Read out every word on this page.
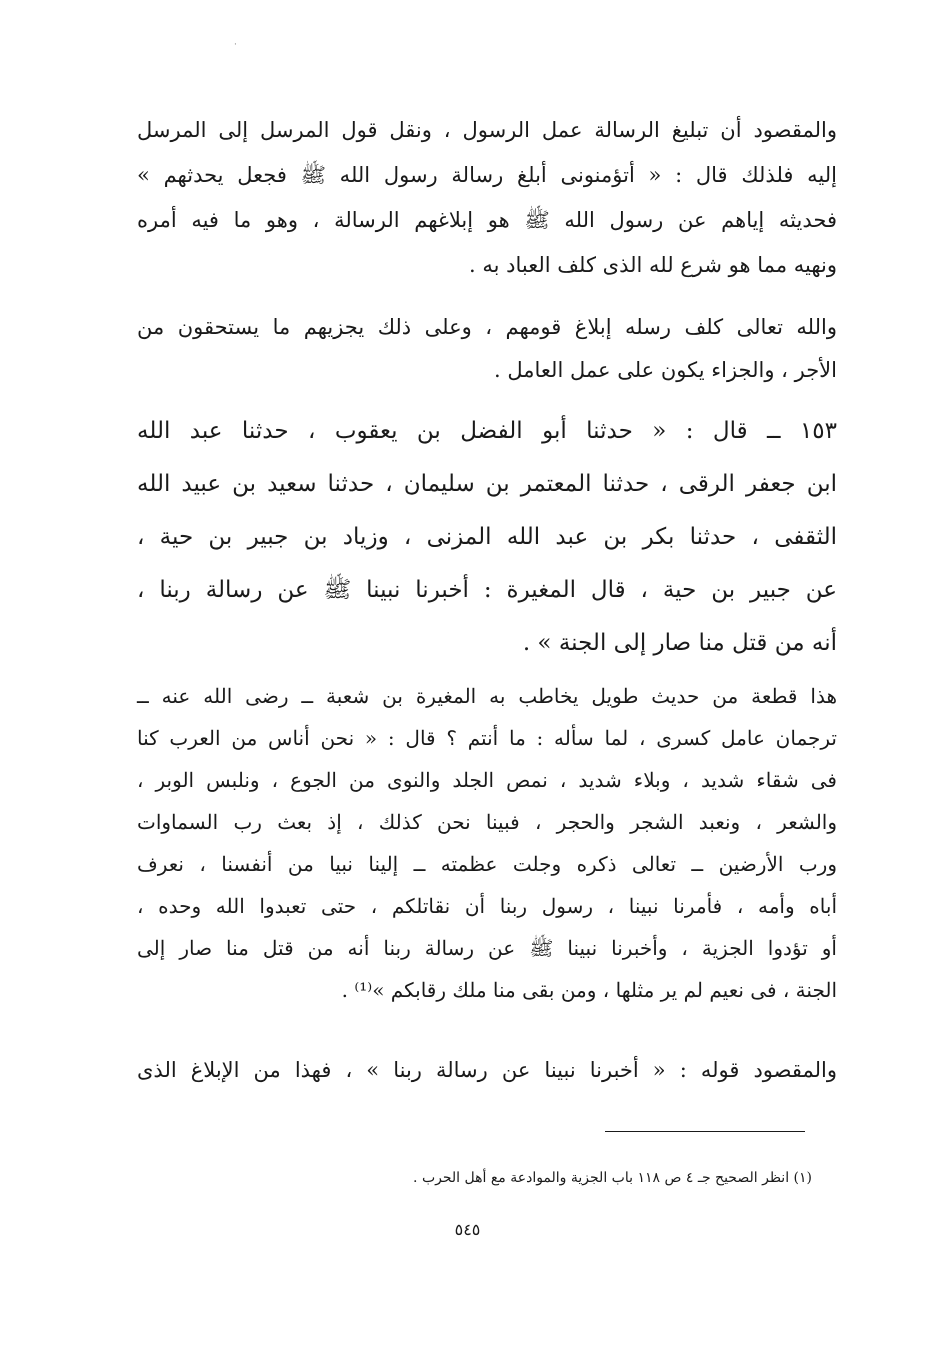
·
والمقصود أن تبليغ الرسالة عمل الرسول ، ونقل قول المرسل إلى المرسل
إليه فلذلك قال : « أتؤمنونى أبلغ رسالة رسول الله ﷺ فجعل يحدثهم »
فحديثه إياهم عن رسول الله ﷺ هو إبلاغهم الرسالة ، وهو ما فيه أمره
ونهيه مما هو شرع لله الذى كلف العباد به .
والله تعالى كلف رسله إبلاغ قومهم ، وعلى ذلك يجزيهم ما يستحقون من
الأجر ، والجزاء يكون على عمل العامل .
١٥٣ ــ قال : « حدثنا أبو الفضل بن يعقوب ، حدثنا عبد الله
ابن جعفر الرقى ، حدثنا المعتمر بن سليمان ، حدثنا سعيد بن عبيد الله
الثقفى ، حدثنا بكر بن عبد الله المزنى ، وزياد بن جبير بن حية ،
عن جبير بن حية ، قال المغيرة : أخبرنا نبينا ﷺ عن رسالة ربنا ،
أنه من قتل منا صار إلى الجنة » .
هذا قطعة من حديث طويل يخاطب به المغيرة بن شعبة ــ رضى الله عنه ــ
ترجمان عامل كسرى ، لما سأله : ما أنتم ؟ قال : « نحن أناس من العرب كنا
فى شقاء شديد ، وبلاء شديد ، نمص الجلد والنوى من الجوع ، ونلبس الوبر ،
والشعر ، ونعبد الشجر والحجر ، فبينا نحن كذلك ، إذ بعث رب السماوات
ورب الأرضين ــ تعالى ذكره وجلت عظمته ــ إلينا نبيا من أنفسنا ، نعرف
أباه وأمه ، فأمرنا نبينا ، رسول ربنا أن نقاتلكم ، حتى تعبدوا الله وحده ،
أو تؤدوا الجزية ، وأخبرنا نبينا ﷺ عن رسالة ربنا أنه من قتل منا صار إلى
الجنة ، فى نعيم لم ير مثلها ، ومن بقى منا ملك رقابكم »⁽¹⁾ .
والمقصود قوله : « أخبرنا نبينا عن رسالة ربنا » ، فهذا من الإبلاغ الذى
(١) انظر الصحيح جـ ٤ ص ١١٨ باب الجزية والموادعة مع أهل الحرب .
٥٤٥
